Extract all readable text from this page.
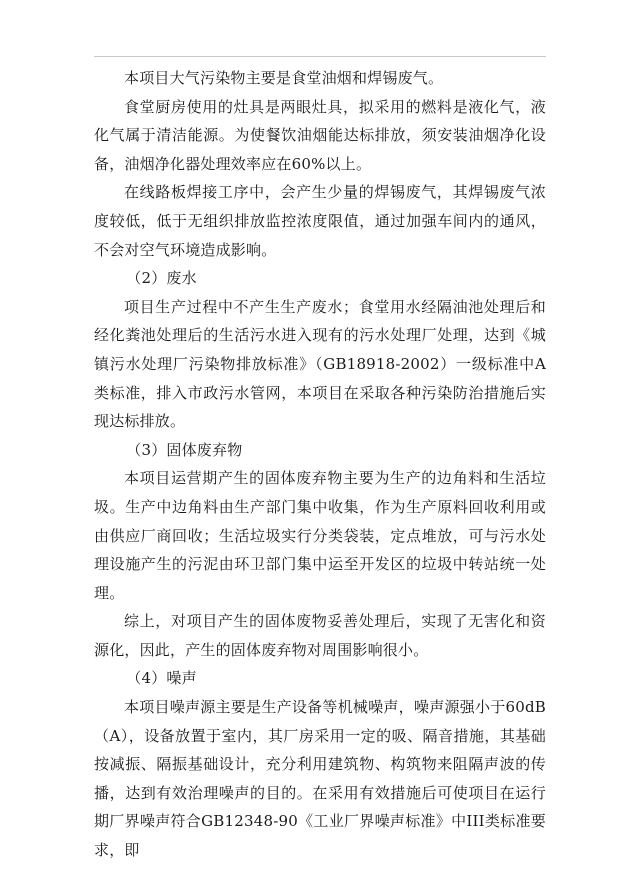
本项目大气污染物主要是食堂油烟和焊锡废气。

食堂厨房使用的灶具是两眼灶具，拟采用的燃料是液化气，液化气属于清洁能源。为使餐饮油烟能达标排放，须安装油烟净化设备，油烟净化器处理效率应在60%以上。

在线路板焊接工序中，会产生少量的焊锡废气，其焊锡废气浓度较低，低于无组织排放监控浓度限值，通过加强车间内的通风，不会对空气环境造成影响。

（2）废水

项目生产过程中不产生生产废水；食堂用水经隔油池处理后和经化粪池处理后的生活污水进入现有的污水处理厂处理，达到《城镇污水处理厂污染物排放标准》（GB18918-2002）一级标准中A类标准，排入市政污水管网，本项目在采取各种污染防治措施后实现达标排放。

（3）固体废弃物

本项目运营期产生的固体废弃物主要为生产的边角料和生活垃圾。生产中边角料由生产部门集中收集，作为生产原料回收利用或由供应厂商回收；生活垃圾实行分类袋装，定点堆放，可与污水处理设施产生的污泥由环卫部门集中运至开发区的垃圾中转站统一处理。

综上，对项目产生的固体废物妥善处理后，实现了无害化和资源化，因此，产生的固体废弃物对周围影响很小。

（4）噪声

本项目噪声源主要是生产设备等机械噪声，噪声源强小于60dB（A），设备放置于室内，其厂房采用一定的吸、隔音措施，其基础按减振、隔振基础设计，充分利用建筑物、构筑物来阻隔声波的传播，达到有效治理噪声的目的。在采用有效措施后可使项目在运行期厂界噪声符合GB12348-90《工业厂界噪声标准》中III类标准要求，即
